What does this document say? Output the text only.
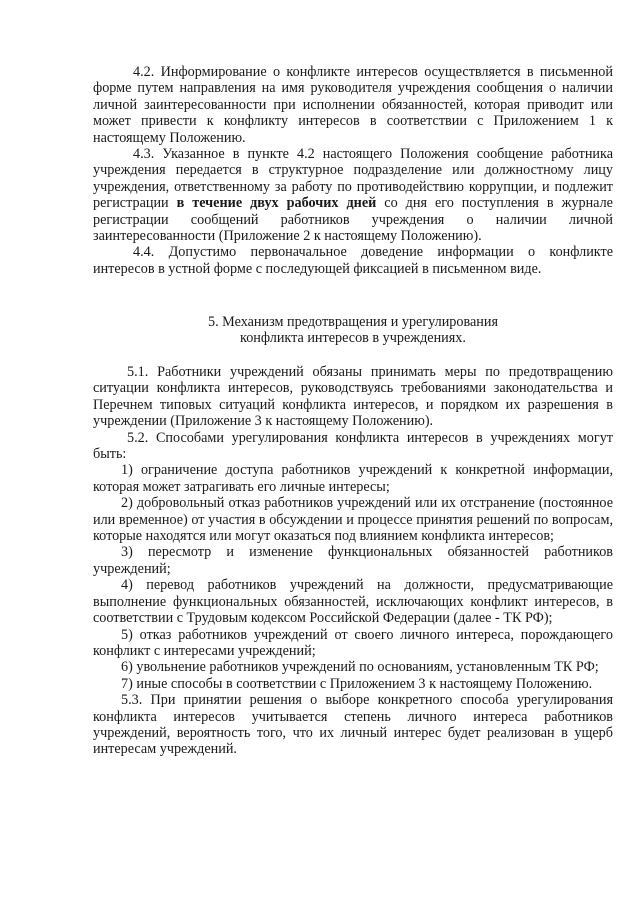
4.2. Информирование о конфликте интересов осуществляется в письменной форме путем направления на имя руководителя учреждения сообщения о наличии личной заинтересованности при исполнении обязанностей, которая приводит или может привести к конфликту интересов в соответствии с Приложением 1 к настоящему Положению.

4.3. Указанное в пункте 4.2 настоящего Положения сообщение работника учреждения передается в структурное подразделение или должностному лицу учреждения, ответственному за работу по противодействию коррупции, и подлежит регистрации в течение двух рабочих дней со дня его поступления в журнале регистрации сообщений работников учреждения о наличии личной заинтересованности (Приложение 2 к настоящему Положению).

4.4. Допустимо первоначальное доведение информации о конфликте интересов в устной форме с последующей фиксацией в письменном виде.

5. Механизм предотвращения и урегулирования
конфликта интересов в учреждениях.

5.1. Работники учреждений обязаны принимать меры по предотвращению ситуации конфликта интересов, руководствуясь требованиями законодательства и Перечнем типовых ситуаций конфликта интересов, и порядком их разрешения в учреждении (Приложение 3 к настоящему Положению).

5.2. Способами урегулирования конфликта интересов в учреждениях могут быть:

1) ограничение доступа работников учреждений к конкретной информации, которая может затрагивать его личные интересы;

2) добровольный отказ работников учреждений или их отстранение (постоянное или временное) от участия в обсуждении и процессе принятия решений по вопросам, которые находятся или могут оказаться под влиянием конфликта интересов;

3) пересмотр и изменение функциональных обязанностей работников учреждений;

4) перевод работников учреждений на должности, предусматривающие выполнение функциональных обязанностей, исключающих конфликт интересов, в соответствии с Трудовым кодексом Российской Федерации (далее - ТК РФ);

5) отказ работников учреждений от своего личного интереса, порождающего конфликт с интересами учреждений;

6) увольнение работников учреждений по основаниям, установленным ТК РФ;

7) иные способы в соответствии с Приложением 3 к настоящему Положению.

5.3. При принятии решения о выборе конкретного способа урегулирования конфликта интересов учитывается степень личного интереса работников учреждений, вероятность того, что их личный интерес будет реализован в ущерб интересам учреждений.
